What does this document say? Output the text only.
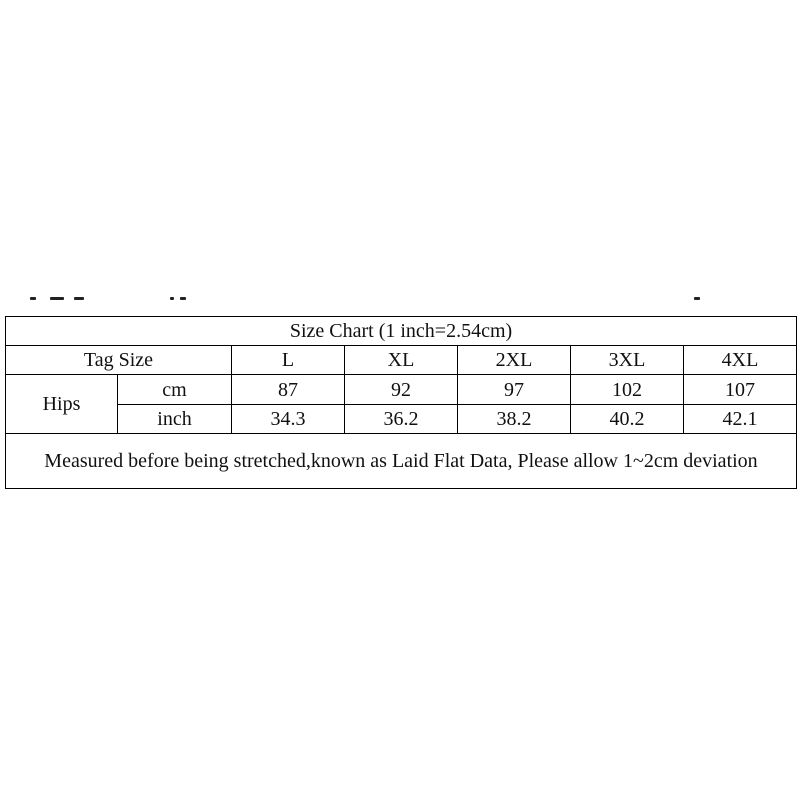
Size Chart (1 inch=2.54cm)						
Tag Size		L	XL	2XL	3XL	4XL
Hips	cm	87	92	97	102	107
	inch	34.3	36.2	38.2	40.2	42.1
Measured before being stretched,known as Laid Flat Data, Please allow 1~2cm deviation						
